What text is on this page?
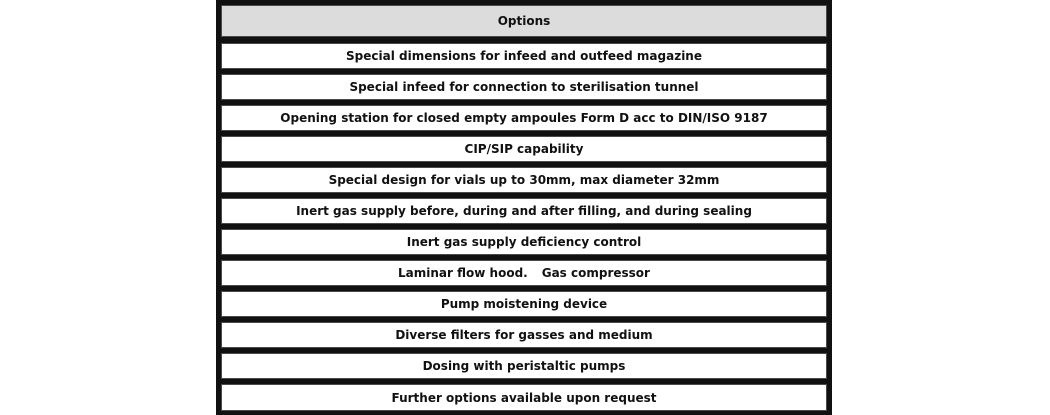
Options
Special dimensions for infeed and outfeed magazine
Special infeed for connection to sterilisation tunnel
Opening station for closed empty ampoules Form D acc to DIN/ISO 9187
CIP/SIP capability
Special design for vials up to 30mm, max diameter 32mm
Inert gas supply before, during and after filling, and during sealing
Inert gas supply deficiency control
Laminar flow hood. Gas compressor
Pump moistening device
Diverse filters for gasses and medium
Dosing with peristaltic pumps
Further options available upon request
